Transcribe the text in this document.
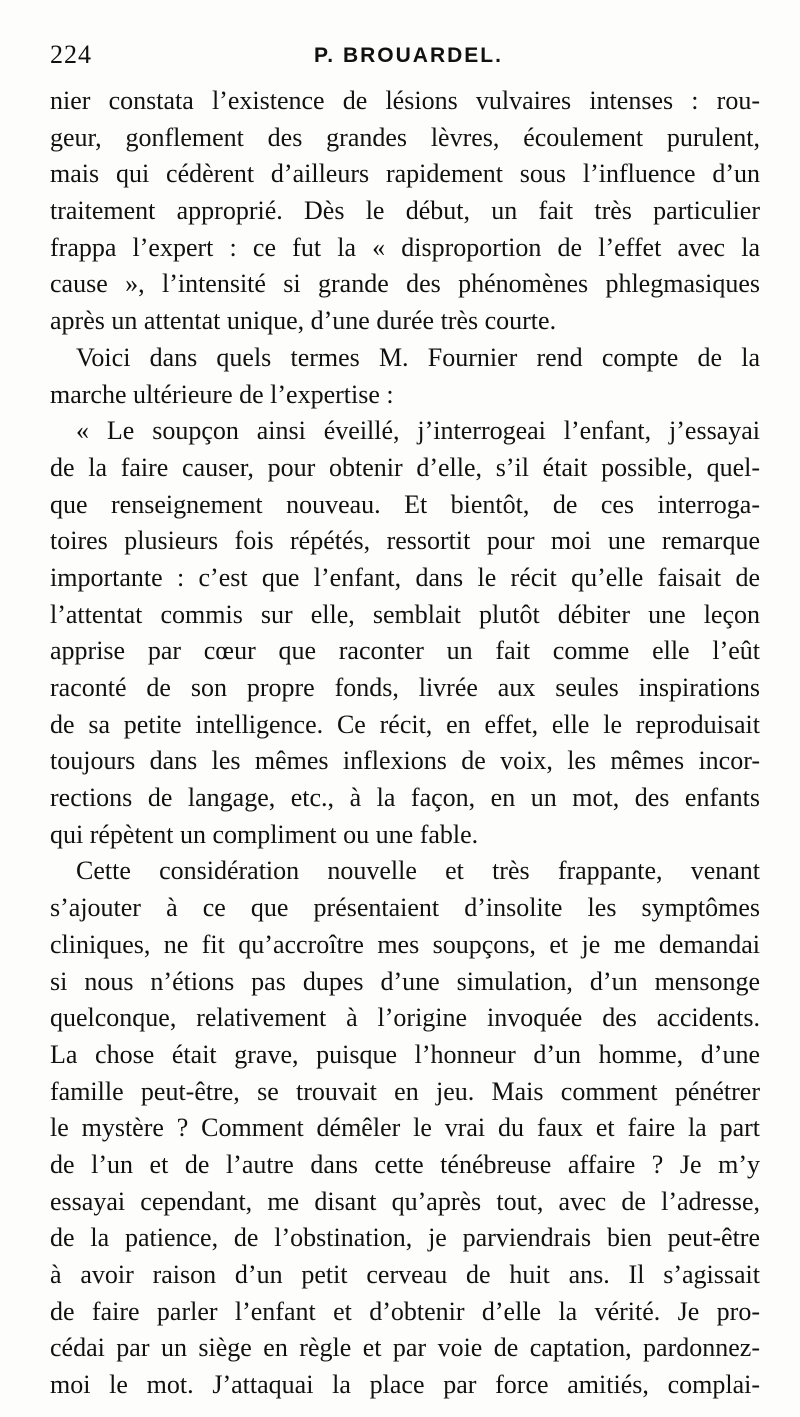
224	P. BROUARDEL.
nier constata l’existence de lésions vulvaires intenses : rou-
geur, gonflement des grandes lèvres, écoulement purulent,
mais qui cédèrent d’ailleurs rapidement sous l’influence d’un
traitement approprié. Dès le début, un fait très particulier
frappa l’expert : ce fut la « disproportion de l’effet avec la
cause », l’intensité si grande des phénomènes phlegmasiques
après un attentat unique, d’une durée très courte.
Voici dans quels termes M. Fournier rend compte de la
marche ultérieure de l’expertise :
« Le soupçon ainsi éveillé, j’interrogeai l’enfant, j’essayai
de la faire causer, pour obtenir d’elle, s’il était possible, quel-
que renseignement nouveau. Et bientôt, de ces interroga-
toires plusieurs fois répétés, ressortit pour moi une remarque
importante : c’est que l’enfant, dans le récit qu’elle faisait de
l’attentat commis sur elle, semblait plutôt débiter une leçon
apprise par cœur que raconter un fait comme elle l’eût
raconté de son propre fonds, livrée aux seules inspirations
de sa petite intelligence. Ce récit, en effet, elle le reproduisait
toujours dans les mêmes inflexions de voix, les mêmes incor-
rections de langage, etc., à la façon, en un mot, des enfants
qui répètent un compliment ou une fable.
Cette considération nouvelle et très frappante, venant
s’ajouter à ce que présentaient d’insolite les symptômes
cliniques, ne fit qu’accroître mes soupçons, et je me demandai
si nous n’étions pas dupes d’une simulation, d’un mensonge
quelconque, relativement à l’origine invoquée des accidents.
La chose était grave, puisque l’honneur d’un homme, d’une
famille peut-être, se trouvait en jeu. Mais comment pénétrer
le mystère ? Comment démêler le vrai du faux et faire la part
de l’un et de l’autre dans cette ténébreuse affaire ? Je m’y
essayai cependant, me disant qu’après tout, avec de l’adresse,
de la patience, de l’obstination, je parviendrais bien peut-être
à avoir raison d’un petit cerveau de huit ans. Il s’agissait
de faire parler l’enfant et d’obtenir d’elle la vérité. Je pro-
cédai par un siège en règle et par voie de captation, pardonnez-
moi le mot. J’attaquai la place par force amitiés, complai-
